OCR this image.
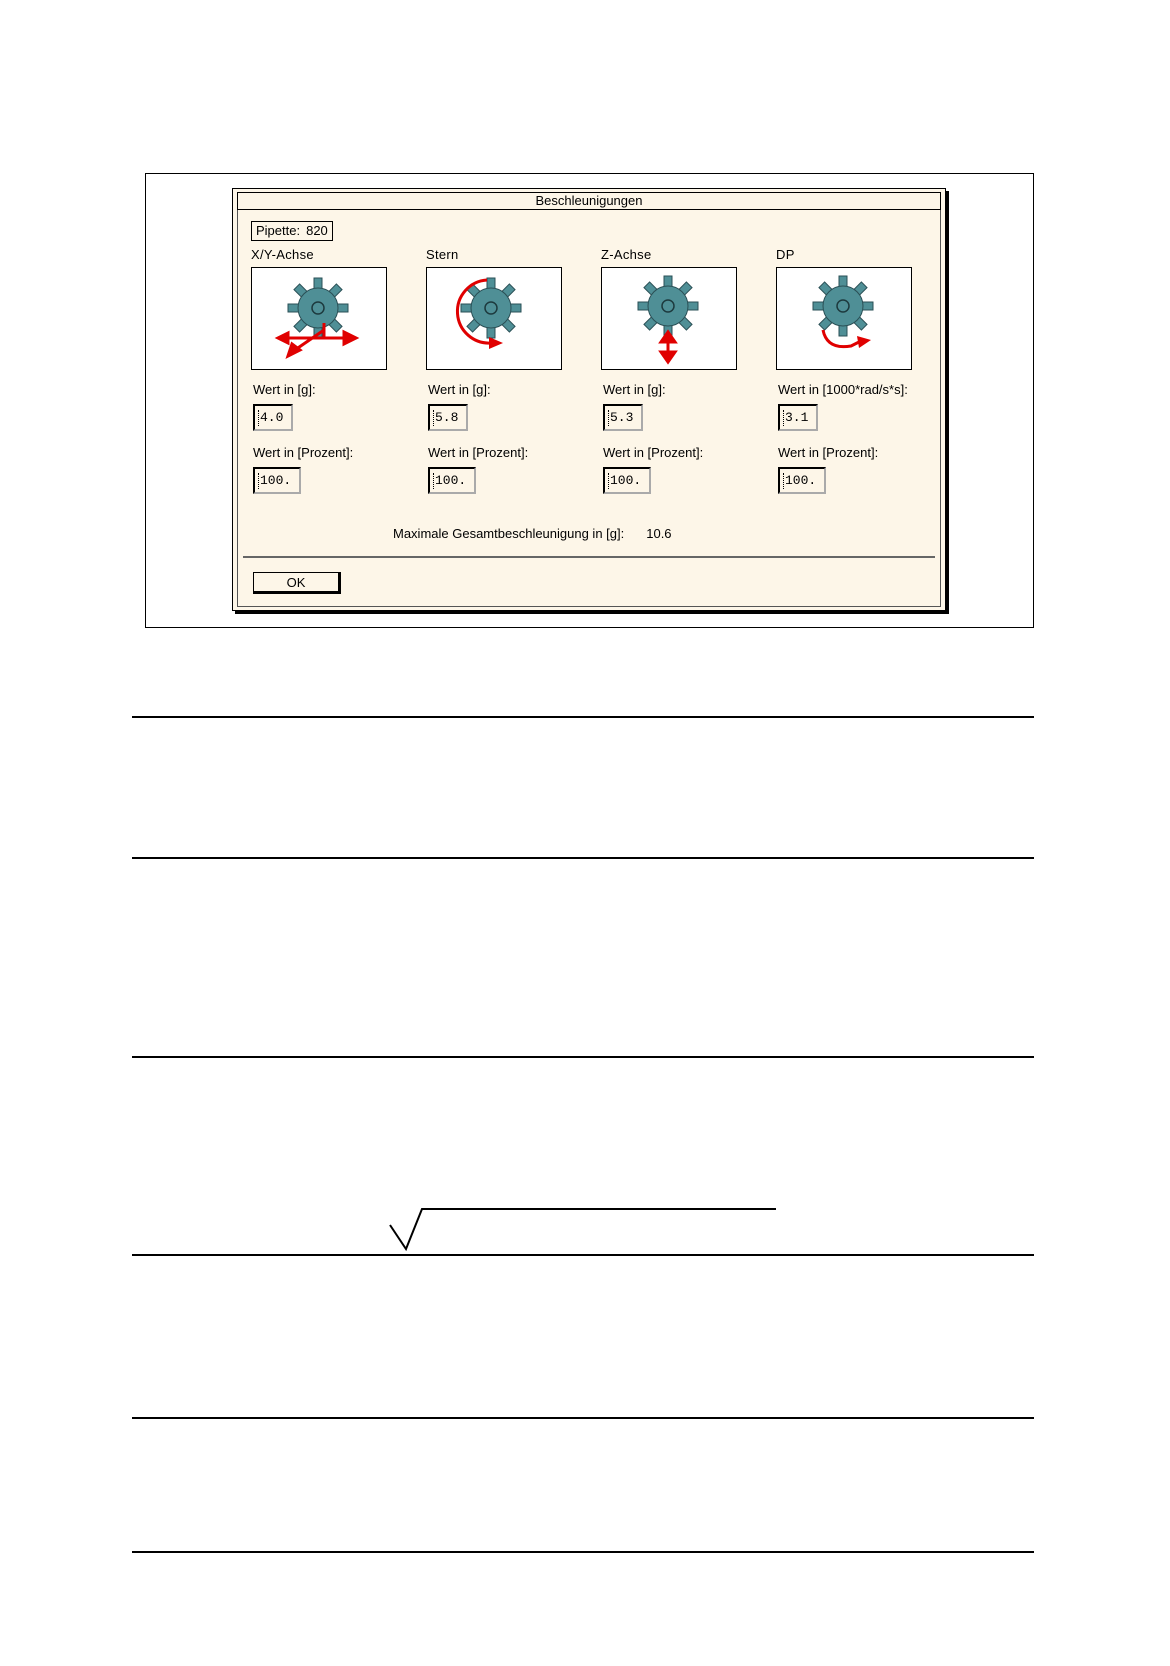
Beschleunigungen
Pipette: 820
X/Y-Achse
Wert in [g]:
4.0
Wert in [Prozent]:
100.
Stern
Wert in [g]:
5.8
Wert in [Prozent]:
100.
Z-Achse
Wert in [g]:
5.3
Wert in [Prozent]:
100.
DP
Wert in [1000*rad/s*s]:
3.1
Wert in [Prozent]:
100.
Maximale Gesamtbeschleunigung in [g]: 10.6
OK
